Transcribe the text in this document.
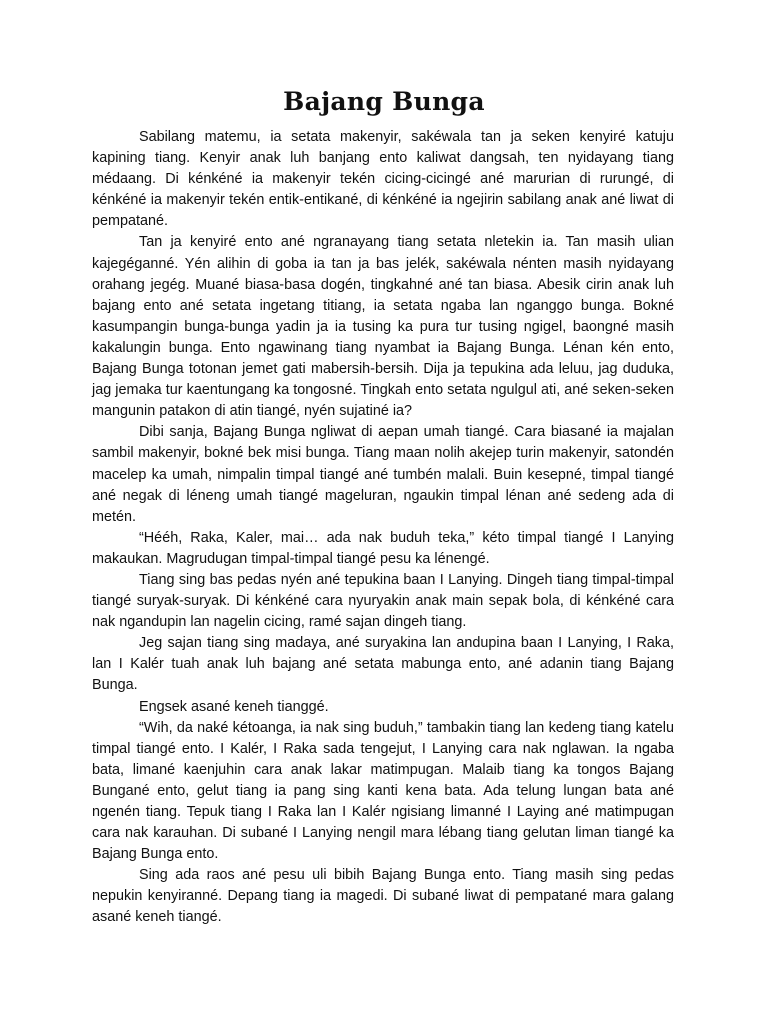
Bajang Bunga

Sabilang matemu, ia setata makenyir, sakéwala tan ja seken kenyiré katuju kapining tiang. Kenyir anak luh banjang ento kaliwat dangsah, ten nyidayang tiang médaang. Di kénkéné ia makenyir tekén cicing-cicingé ané marurian di rurungé, di kénkéné ia makenyir tekén entik-entikané, di kénkéné ia ngejirin sabilang anak ané liwat di pempatané.

Tan ja kenyiré ento ané ngranayang tiang setata nletekin ia. Tan masih ulian kajegéganné. Yén alihin di goba ia tan ja bas jelék, sakéwala nénten masih nyidayang orahang jegég. Muané biasa-basa dogén, tingkahné ané tan biasa. Abesik cirin anak luh bajang ento ané setata ingetang titiang, ia setata ngaba lan nganggo bunga. Bokné kasumpangin bunga-bunga yadin ja ia tusing ka pura tur tusing ngigel, baongné masih kakalungin bunga. Ento ngawinang tiang nyambat ia Bajang Bunga. Lénan kén ento, Bajang Bunga totonan jemet gati mabersih-bersih. Dija ja tepukina ada leluu, jag duduka, jag jemaka tur kaentungang ka tongosné. Tingkah ento setata ngulgul ati, ané seken-seken mangunin patakon di atin tiangé, nyén sujatiné ia?

Dibi sanja, Bajang Bunga ngliwat di aepan umah tiangé. Cara biasané ia majalan sambil makenyir, bokné bek misi bunga. Tiang maan nolih akejep turin makenyir, satondén macelep ka umah, nimpalin timpal tiangé ané tumbén malali. Buin kesepné, timpal tiangé ané negak di léneng umah tiangé mageluran, ngaukin timpal lénan ané sedeng ada di metén.

“Hééh, Raka, Kaler, mai… ada nak buduh teka,” kéto timpal tiangé I Lanying makaukan. Magrudugan timpal-timpal tiangé pesu ka lénengé.

Tiang sing bas pedas nyén ané tepukina baan I Lanying. Dingeh tiang timpal-timpal tiangé suryak-suryak. Di kénkéné cara nyuryakin anak main sepak bola, di kénkéné cara nak ngandupin lan nagelin cicing, ramé sajan dingeh tiang.

Jeg sajan tiang sing madaya, ané suryakina lan andupina baan I Lanying, I Raka, lan I Kalér tuah anak luh bajang ané setata mabunga ento, ané adanin tiang Bajang Bunga.

Engsek asané keneh tianggé.

“Wih, da naké kétoanga, ia nak sing buduh,” tambakin tiang lan kedeng tiang katelu timpal tiangé ento. I Kalér, I Raka sada tengejut, I Lanying cara nak nglawan. Ia ngaba bata, limané kaenjuhin cara anak lakar matimpugan. Malaib tiang ka tongos Bajang Bungané ento, gelut tiang ia pang sing kanti kena bata. Ada telung lungan bata ané ngenén tiang. Tepuk tiang I Raka lan I Kalér ngisiang limanné I Laying ané matimpugan cara nak karauhan. Di subané I Lanying nengil mara lébang tiang gelutan liman tiangé ka Bajang Bunga ento.

Sing ada raos ané pesu uli bibih Bajang Bunga ento. Tiang masih sing pedas nepukin kenyiranné. Depang tiang ia magedi. Di subané liwat di pempatané mara galang asané keneh tiangé.
